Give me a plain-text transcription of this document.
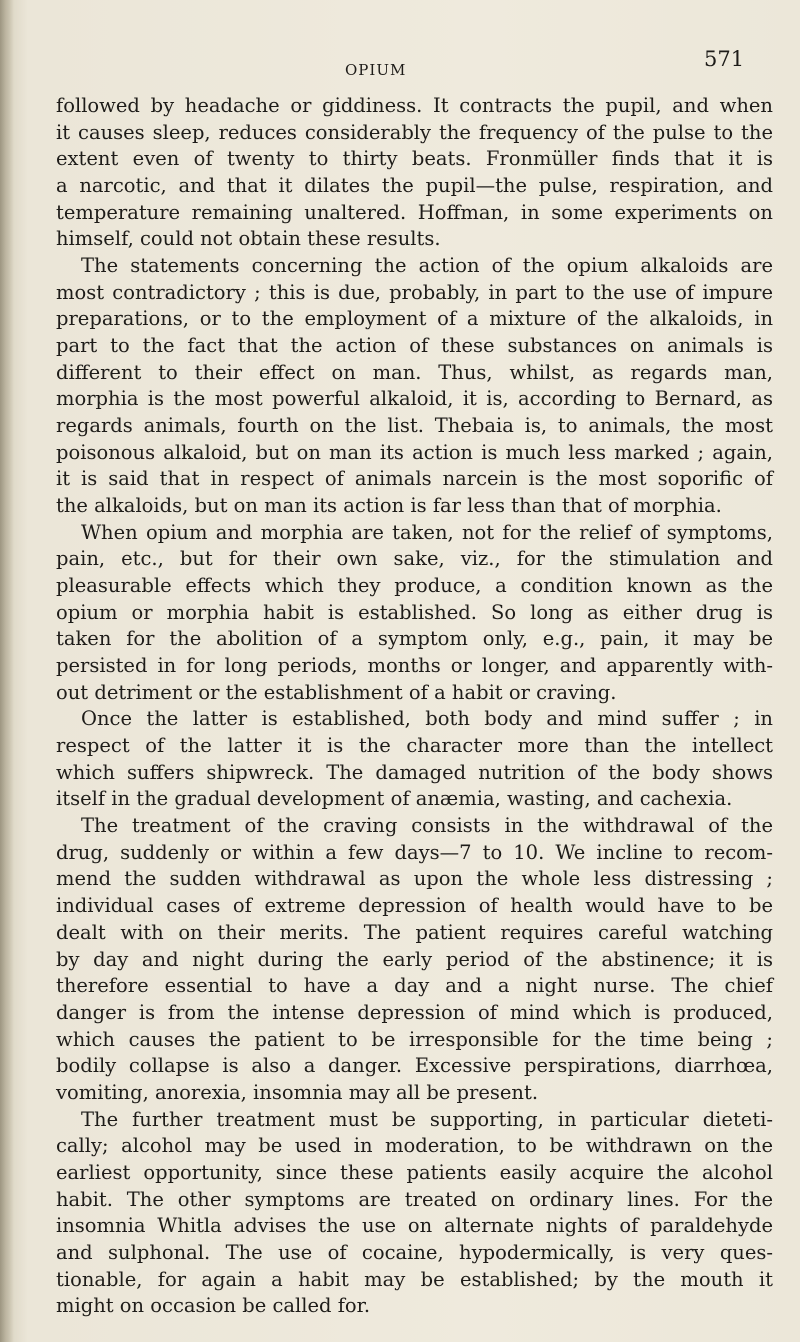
OPIUM	571
followed by headache or giddiness. It contracts the pupil, and when
it causes sleep, reduces considerably the frequency of the pulse to the
extent even of twenty to thirty beats. Fronmüller finds that it is
a narcotic, and that it dilates the pupil—the pulse, respiration, and
temperature remaining unaltered. Hoffman, in some experiments on
himself, could not obtain these results.
The statements concerning the action of the opium alkaloids are
most contradictory ; this is due, probably, in part to the use of impure
preparations, or to the employment of a mixture of the alkaloids, in
part to the fact that the action of these substances on animals is
different to their effect on man. Thus, whilst, as regards man,
morphia is the most powerful alkaloid, it is, according to Bernard, as
regards animals, fourth on the list. Thebaia is, to animals, the most
poisonous alkaloid, but on man its action is much less marked ; again,
it is said that in respect of animals narcein is the most soporific of
the alkaloids, but on man its action is far less than that of morphia.
When opium and morphia are taken, not for the relief of symptoms,
pain, etc., but for their own sake, viz., for the stimulation and
pleasurable effects which they produce, a condition known as the
opium or morphia habit is established. So long as either drug is
taken for the abolition of a symptom only, e.g., pain, it may be
persisted in for long periods, months or longer, and apparently with-
out detriment or the establishment of a habit or craving.
Once the latter is established, both body and mind suffer ; in
respect of the latter it is the character more than the intellect
which suffers shipwreck. The damaged nutrition of the body shows
itself in the gradual development of anæmia, wasting, and cachexia.
The treatment of the craving consists in the withdrawal of the
drug, suddenly or within a few days—7 to 10. We incline to recom-
mend the sudden withdrawal as upon the whole less distressing ;
individual cases of extreme depression of health would have to be
dealt with on their merits. The patient requires careful watching
by day and night during the early period of the abstinence; it is
therefore essential to have a day and a night nurse. The chief
danger is from the intense depression of mind which is produced,
which causes the patient to be irresponsible for the time being ;
bodily collapse is also a danger. Excessive perspirations, diarrhœa,
vomiting, anorexia, insomnia may all be present.
The further treatment must be supporting, in particular dieteti-
cally; alcohol may be used in moderation, to be withdrawn on the
earliest opportunity, since these patients easily acquire the alcohol
habit. The other symptoms are treated on ordinary lines. For the
insomnia Whitla advises the use on alternate nights of paraldehyde
and sulphonal. The use of cocaine, hypodermically, is very ques-
tionable, for again a habit may be established; by the mouth it
might on occasion be called for.
